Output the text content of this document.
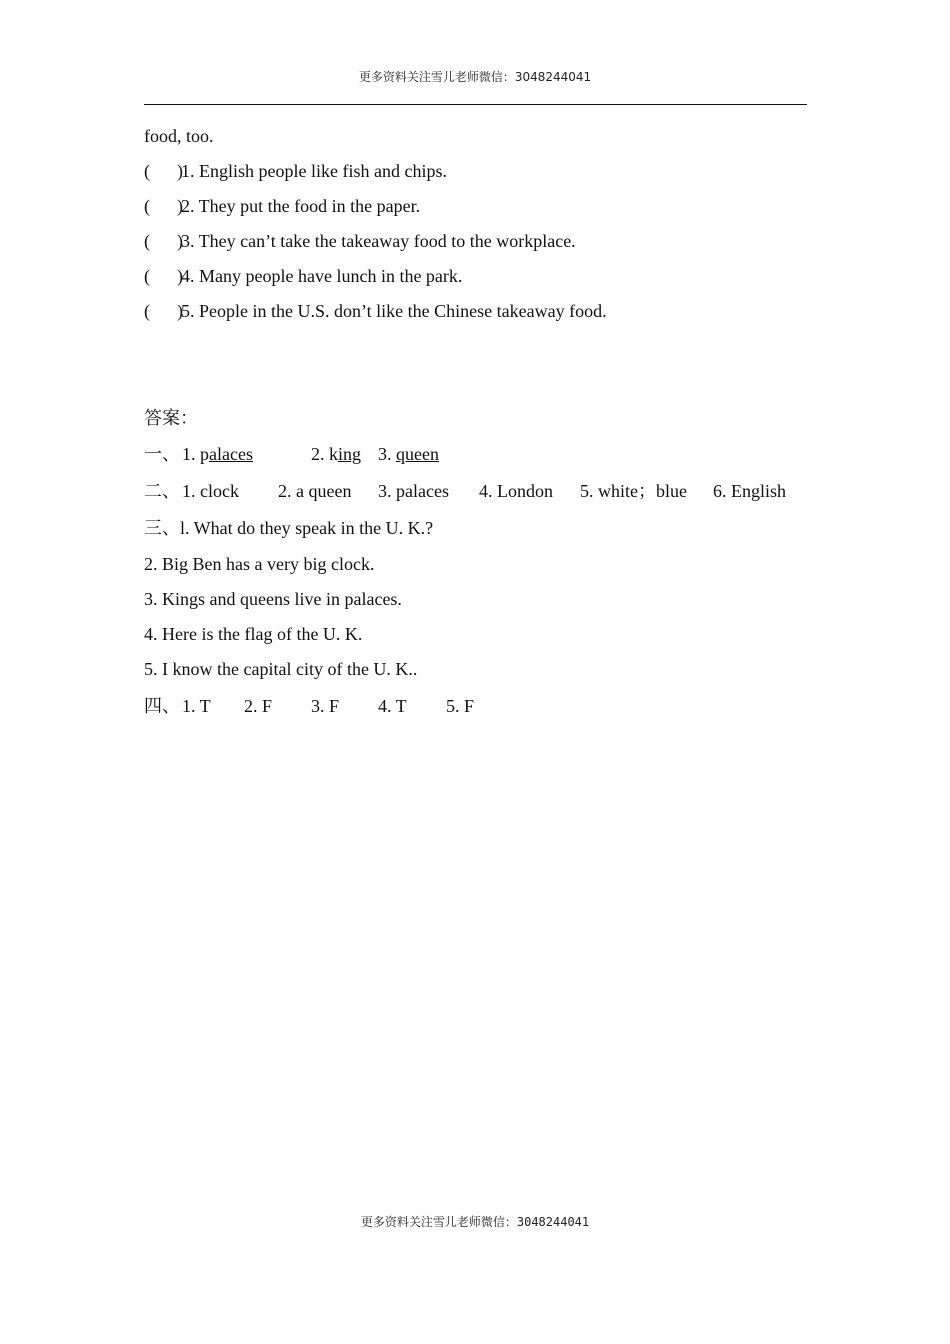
更多资料关注雪儿老师微信：3048244041
food, too.
(      )
1. English people like fish and chips.
(      )
2. They put the food in the paper.
(      )
3. They can’t take the takeaway food to the workplace.
(      )
4. Many people have lunch in the park.
(      )
5. People in the U.S. don’t like the Chinese takeaway food.
答案：
一、 1. palaces	2. king 3. queen
二、 1. clock 2. a queen 3. palaces 4. London 5. white；blue 6. English
三、l. What do they speak in the U. K.?
2. Big Ben has a very big clock.
3. Kings and queens live in palaces.
4. Here is the flag of the U. K.
5. I know the capital city of the U. K..
四、 1. T 2. F 3. F 4. T 5. F
更多资料关注雪儿老师微信：3048244041
